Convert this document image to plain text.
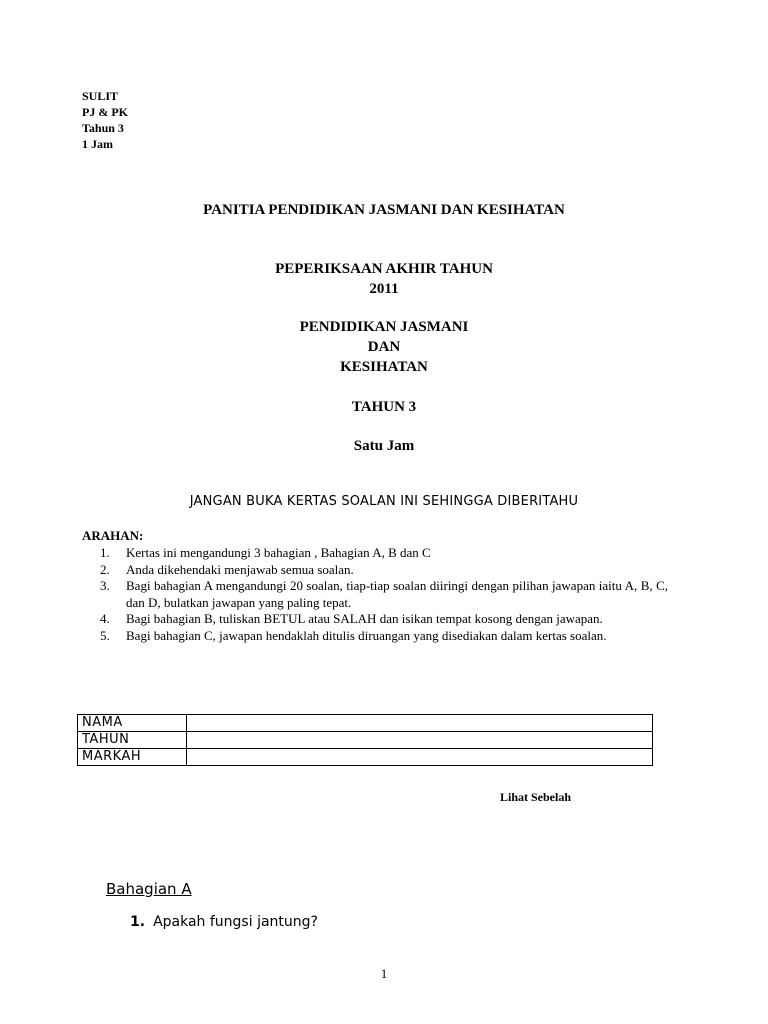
SULIT
PJ & PK
Tahun 3
1 Jam
PANITIA PENDIDIKAN JASMANI DAN KESIHATAN
PEPERIKSAAN AKHIR TAHUN
2011
PENDIDIKAN JASMANI
DAN
KESIHATAN
TAHUN 3
Satu Jam
JANGAN BUKA KERTAS SOALAN INI SEHINGGA DIBERITAHU
ARAHAN:
1.	Kertas ini mengandungi 3 bahagian , Bahagian A, B dan C
2.	Anda dikehendaki menjawab semua soalan.
3.	Bagi bahagian A mengandungi 20 soalan, tiap-tiap soalan diiringi dengan pilihan jawapan iaitu A, B, C, dan D, bulatkan jawapan yang paling tepat.
4.	Bagi bahagian B, tuliskan BETUL atau SALAH dan isikan tempat kosong dengan jawapan.
5.	Bagi bahagian C, jawapan hendaklah ditulis diruangan yang disediakan dalam kertas soalan.
NAMA	
TAHUN	
MARKAH	
Lihat Sebelah
Bahagian A
1. Apakah fungsi jantung?
1
